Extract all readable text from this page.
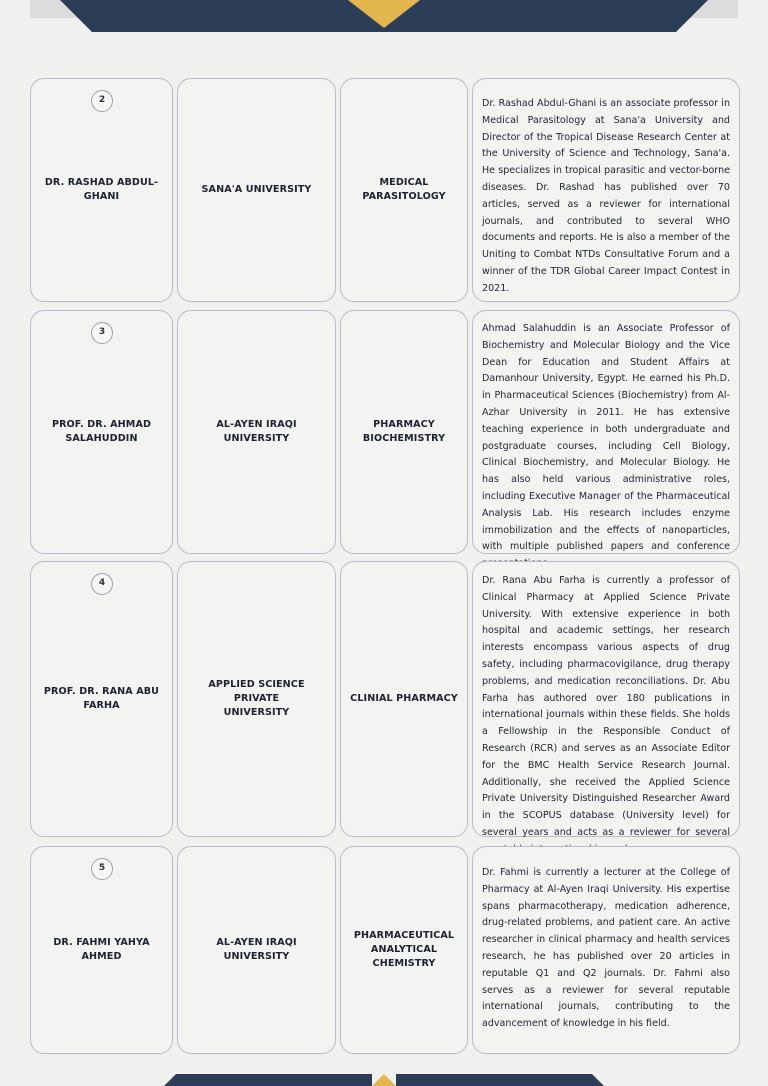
2
DR. RASHAD ABDUL-GHANI
SANA'A UNIVERSITY
MEDICAL PARASITOLOGY

Dr. Rashad Abdul-Ghani is an associate professor in Medical Parasitology at Sana'a University and Director of the Tropical Disease Research Center at the University of Science and Technology, Sana'a. He specializes in tropical parasitic and vector-borne diseases. Dr. Rashad has published over 70 articles, served as a reviewer for international journals, and contributed to several WHO documents and reports. He is also a member of the Uniting to Combat NTDs Consultative Forum and a winner of the TDR Global Career Impact Contest in 2021.

3
PROF. DR. AHMAD SALAHUDDIN
AL-AYEN IRAQI UNIVERSITY
PHARMACY BIOCHEMISTRY

Ahmad Salahuddin is an Associate Professor of Biochemistry and Molecular Biology and the Vice Dean for Education and Student Affairs at Damanhour University, Egypt. He earned his Ph.D. in Pharmaceutical Sciences (Biochemistry) from Al-Azhar University in 2011. He has extensive teaching experience in both undergraduate and postgraduate courses, including Cell Biology, Clinical Biochemistry, and Molecular Biology. He has also held various administrative roles, including Executive Manager of the Pharmaceutical Analysis Lab. His research includes enzyme immobilization and the effects of nanoparticles, with multiple published papers and conference

4
PROF. DR. RANA ABU FARHA
APPLIED SCIENCE PRIVATE UNIVERSITY
CLINIAL PHARMACY

Dr. Rana Abu Farha is currently a professor of Clinical Pharmacy at Applied Science Private University. With extensive experience in both hospital and academic settings, her research interests encompass various aspects of drug safety, including pharmacovigilance, drug therapy problems, and medication reconciliations. Dr. Abu Farha has authored over 180 publications in international journals within these fields. She holds a Fellowship in the Responsible Conduct of Research (RCR) and serves as an Associate Editor for the BMC Health Service Research Journal. Additionally, she received the Applied Science Private University Distinguished Researcher Award in the SCOPUS database (University level) for several years and acts as a reviewer for several

5
DR. FAHMI YAHYA AHMED
AL-AYEN IRAQI UNIVERSITY
PHARMACEUTICAL ANALYTICAL CHEMISTRY

Dr. Fahmi is currently a lecturer at the College of Pharmacy at Al-Ayen Iraqi University. His expertise spans pharmacotherapy, medication adherence, drug-related problems, and patient care. An active researcher in clinical pharmacy and health services research, he has published over 20 articles in reputable Q1 and Q2 journals. Dr. Fahmi also serves as a reviewer for several reputable international journals, contributing to the advancement of knowledge in his field.
